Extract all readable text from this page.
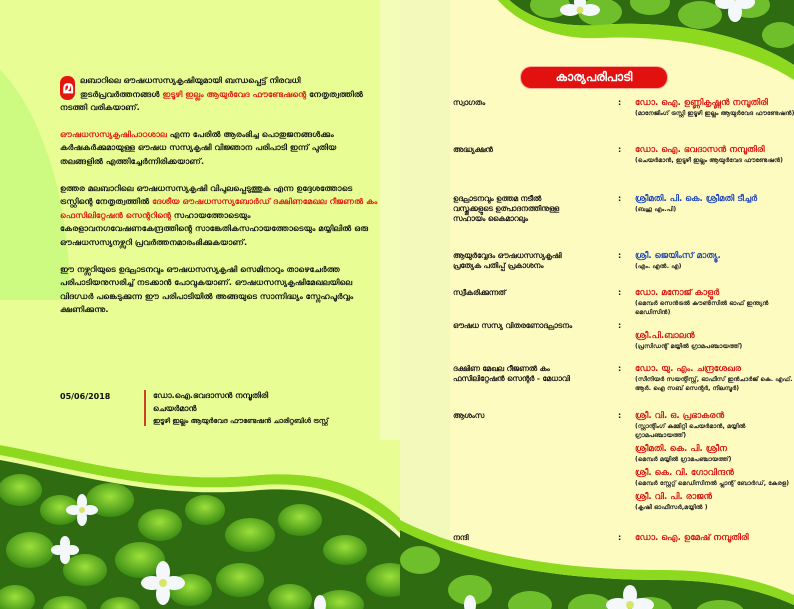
മ ലബാറിലെ ഔഷധസസ്യകൃഷിയുമായി ബന്ധപ്പെട്ട് നിരവധി തുടർപ്രവർത്തനങ്ങൾ ഇടൂഴി ഇല്ലം ആയുർവേദ ഫൗണ്ടേഷന്റെ നേതൃത്വത്തിൽ നടത്തി വരികയാണ്.

ഔഷധസസ്യകൃഷിപാഠശാല എന്ന പേരിൽ ആരംഭിച്ച പൊതുജനങ്ങൾക്കും കർഷകർക്കുമായുള്ള ഔഷധ സസ്യകൃഷി വിജ്ഞാന പരിപാടി ഇന്ന് പുതിയ തലങ്ങളിൽ എത്തിച്ചേർന്നിരിക്കയാണ്.

ഉത്തര മലബാറിലെ ഔഷധസസ്യകൃഷി വിപുലപ്പെടുത്തുക എന്ന ഉദ്ദേശത്തോടെ ട്രസ്റ്റിന്റെ നേതൃത്വത്തിൽ ദേശീയ ഔഷധസസ്യബോർഡ് ദക്ഷിണമേഖല റീജണൽ കം ഫെസിലിറ്റേഷൻ സെന്ററിന്റെ സഹായത്തോടെയും കേരളാവനഗവേഷണകേന്ദ്രത്തിന്റെ സാങ്കേതികസഹായത്തോടെയും മയ്യിലിൽ ഒരു ഔഷധസസ്യനഴ്സറി പ്രവർത്തനമാരംഭിക്കുകയാണ്.

ഈ നഴ്സറിയുടെ ഉദ്ഘാടനവും ഔഷധസസ്യകൃഷി സെമിനാറും താഴെചേർത്ത പരിപാടിയനുസരിച്ച് നടക്കാൻ പോവുകയാണ്. ഔഷധസസ്യകൃഷിമേഖലയിലെ വിദഗ്ധർ പങ്കെടുക്കുന്ന ഈ പരിപാടിയിൽ അങ്ങയുടെ സാന്നിദ്ധ്യം സ്നേഹപൂർവ്വം ക്ഷണിക്കുന്നു.

05/06/2018	ഡോ.ഐ.ഭവദാസൻ നമ്പൂതിരി
ചെയർമാൻ
ഇടൂഴി ഇല്ലം ആയുർവേദ ഫൗണ്ടേഷൻ ചാരിറ്റബിൾ ട്രസ്റ്റ്
കാര്യപരിപാടി
സ്വാഗതം	: ഡോ. ഐ. ഉണ്ണികൃഷ്ണൻ നമ്പൂതിരി
(മാനേജിംഗ് ട്രസ്റ്റി ഇടൂഴി ഇല്ലം ആയുർവേദ ഫൗണ്ടേഷൻ)
അദ്ധ്യക്ഷൻ	: ഡോ. ഐ. ഭവദാസൻ നമ്പൂതിരി
(ചെയർമാൻ, ഇടൂഴി ഇല്ലം ആയുർവേദ ഫൗണ്ടേഷൻ)
ഉദ്ഘാടനവും ഉത്തമ നടീൽ വസ്തുക്കളുടെ ഉത്പാദനത്തിനുള്ള സഹായം കൈമാറലും
: ശ്രീമതി. പി. കെ. ശ്രീമതി ടീച്ചർ
(ബഹു എം.പി)
ആയുർവ്വേദം ഔഷധസസ്യകൃഷി പ്രത്യേക പതിപ്പ് പ്രകാശനം
: ശ്രീ. ജെയിംസ് മാത്യൂ.
(എം. എൽ. എ)
സ്വീകരിക്കുന്നത്	: ഡോ. മനോജ് കാളൂർ
(മെമ്പർ സെൻട്രൽ കൗൺസിൽ ഓഫ് ഇന്ത്യൻ മെഡിസിൻ)
ഔഷധ സസ്യ വിതരണോദ്ഘാടനം	:
ശ്രീ.പി.ബാലൻ
(പ്രസിഡന്റ് മയ്യിൽ ഗ്രാമപഞ്ചായത്ത്)
ദക്ഷിണ മേഖല റീജണൽ കം ഫസിലിറ്റേഷൻ സെന്റർ - മേധാവി
: ഡോ. യു. എം. ചന്ദ്രശേഖര
(സീനിയർ സയന്റിസ്റ്റ്, ഓഫീസ് ഇൻചാർജ് കെ. എഫ്. ആർ. ഐ സബ് സെന്റർ, നിലമ്പൂർ)
ആശംസ	: ശ്രീ. വി. ഒ. പ്രഭാകരൻ
(സ്റ്റാന്റിംഗ് കമ്മിറ്റി ചെയർമാൻ, മയ്യിൽ ഗ്രാമപഞ്ചായത്ത്)
ശ്രീമതി. കെ. പി. ശ്രീന
(മെമ്പർ മയ്യിൽ ഗ്രാമപഞ്ചായത്ത്)
ശ്രീ. കെ. വി. ഗോവിന്ദൻ
(മെമ്പർ സ്റ്റേറ്റ് മെഡിസിനൽ പ്ലാന്റ് ബോർഡ്, കേരള)
ശ്രീ. വി. പി. രാജൻ
(കൃഷി ഓഫീസർ,മയ്യിൽ )
നന്ദി	: ഡോ. ഐ. ഉമേഷ് നമ്പൂതിരി
